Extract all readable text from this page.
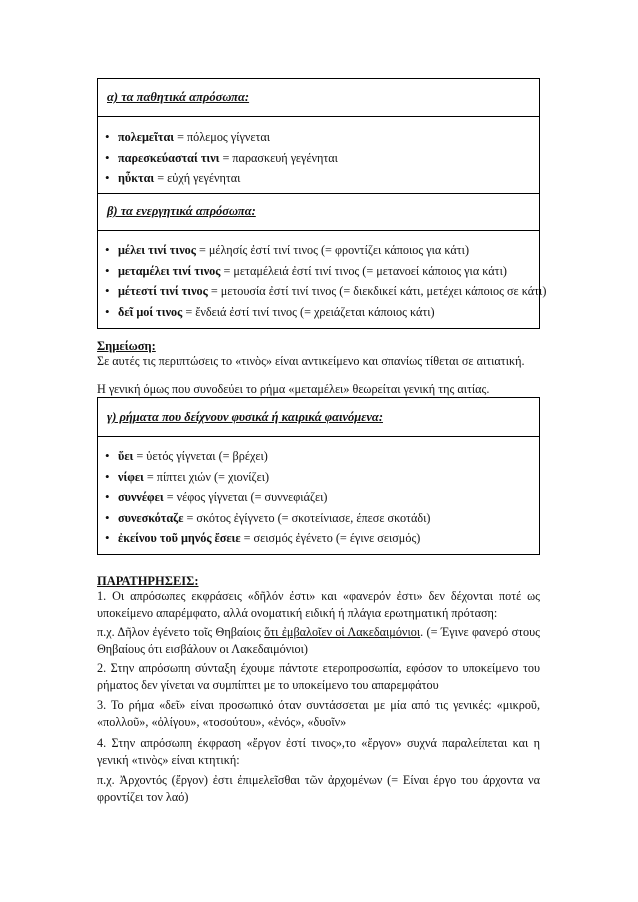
α) τα παθητικά απρόσωπα:
• πολεμεῖται = πόλεμος γίγνεται
• παρεσκεύασταί τινι = παρασκευή γεγένηται
• ηὖκται = εὐχή γεγένηται
β) τα ενεργητικά απρόσωπα:
• μέλει τινί τινος = μέλησίς ἐστί τινί τινος (= φροντίζει κάποιος για κάτι)
• μεταμέλει τινί τινος = μεταμέλειά ἐστί τινί τινος (= μετανοεί κάποιος για κάτι)
• μέτεστί τινί τινος = μετουσία ἐστί τινί τινος (= διεκδικεί κάτι, μετέχει κάποιος σε κάτι)
• δεῖ μοί τινος = ἔνδειά ἐστί τινί τινος (= χρειάζεται κάποιος κάτι)
Σημείωση:
Σε αυτές τις περιπτώσεις το «τινὸς» είναι αντικείμενο και σπανίως τίθεται σε αιτιατική.
Η γενική όμως που συνοδεύει το ρήμα «μεταμέλει» θεωρείται γενική της αιτίας.
γ) ρήματα που δείχνουν φυσικά ή καιρικά φαινόμενα:
• ὕει = ὑετός γίγνεται (= βρέχει)
• νίφει = πίπτει χιών (= χιονίζει)
• συννέφει = νέφος γίγνεται (= συννεφιάζει)
• συνεσκόταζε = σκότος ἐγίγνετο (= σκοτείνιασε, έπεσε σκοτάδι)
• ἐκείνου τοῦ μηνός ἔσειε = σεισμός ἐγένετο (= έγινε σεισμός)
ΠΑΡΑΤΗΡΗΣΕΙΣ:
1. Οι απρόσωπες εκφράσεις «δῆλόν ἐστι» και «φανερόν ἐστι» δεν δέχονται ποτέ ως υποκείμενο απαρέμφατο, αλλά ονοματική ειδική ή πλάγια ερωτηματική πρόταση:
π.χ. Δῆλον ἐγένετο τοῖς Θηβαίοις ὅτι ἐμβαλοῖεν οἱ Λακεδαιμόνιοι. (= Έγινε φανερό στους Θηβαίους ότι εισβάλουν οι Λακεδαιμόνιοι)
2. Στην απρόσωπη σύνταξη έχουμε πάντοτε ετεροπροσωπία, εφόσον το υποκείμενο του ρήματος δεν γίνεται να συμπίπτει με το υποκείμενο του απαρεμφάτου
3. Το ρήμα «δεῖ» είναι προσωπικό όταν συντάσσεται με μία από τις γενικές: «μικροῦ, «πολλοῦ», «ὀλίγου», «τοσούτου», «ἑνός», «δυοῖν»
4. Στην απρόσωπη έκφραση «ἔργον ἐστί τινος»,το «ἔργον» συχνά παραλείπεται και η γενική «τινὸς» είναι κτητική:
π.χ. Ἀρχοντός (ἔργον) ἐστι ἐπιμελεῖσθαι τῶν ἀρχομένων (= Είναι έργο του άρχοντα να φροντίζει τον λαό)
